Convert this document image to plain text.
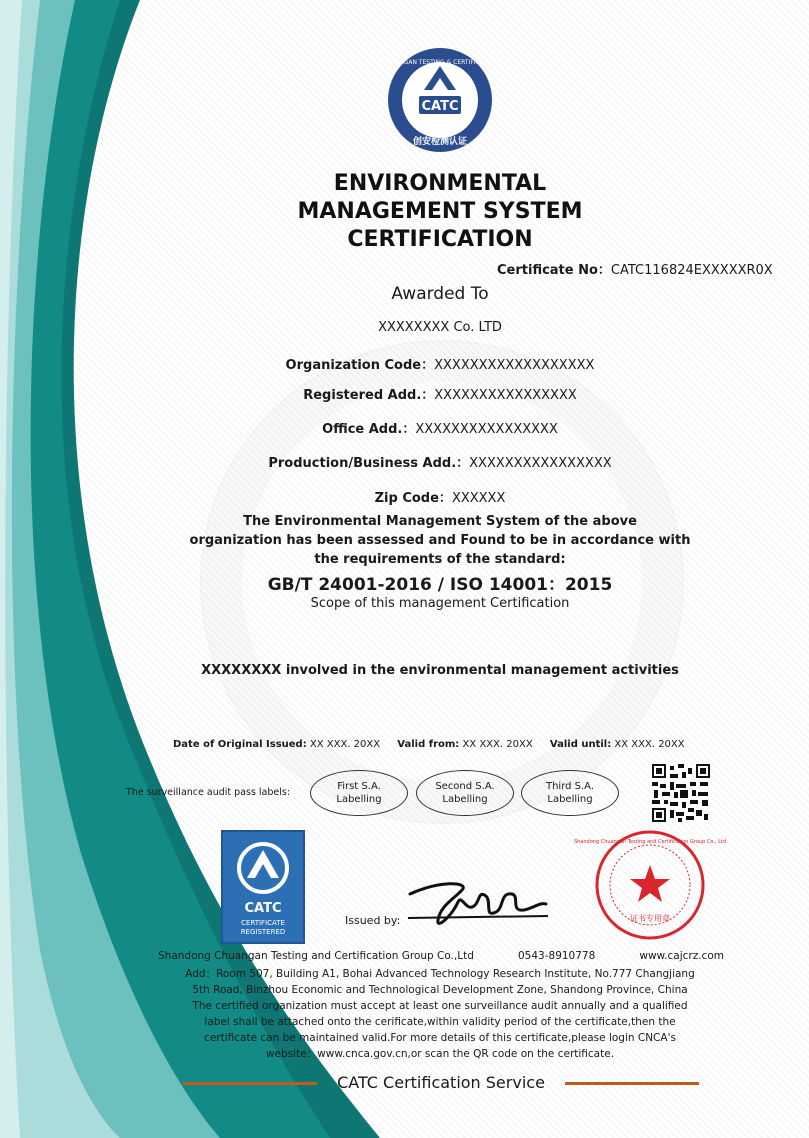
CATC
CHUANGAN TESTING & CERTIFICATION
创安检测认证
ENVIRONMENTAL
MANAGEMENT SYSTEM
CERTIFICATION
Certificate No：CATC116824EXXXXXR0X
Awarded To
XXXXXXXX Co. LTD
Organization Code：XXXXXXXXXXXXXXXXXX
Registered Add.：XXXXXXXXXXXXXXXX
Office Add.：XXXXXXXXXXXXXXXX
Production/Business Add.：XXXXXXXXXXXXXXXX
Zip Code：XXXXXX
The Environmental Management System of the above
organization has been assessed and Found to be in accordance with
the requirements of the standard:
GB/T 24001-2016 / ISO 14001：2015
Scope of this management Certification
XXXXXXXX involved in the environmental management activities
Date of Original Issued: XX XXX. 20XX Valid from: XX XXX. 20XX Valid until: XX XXX. 20XX
The surveillance audit pass labels:
First S.A.
Labelling
Second S.A.
Labelling
Third S.A.
Labelling
CATC
CERTIFICATE
REGISTERED
Issued by:
Shandong Chuangan Testing and Certification Group Co., Ltd
证书专用章
Shandong Chuangan Testing and Certification Group Co.,Ltd	0543-8910778	www.cajcrz.com
Add：Room 507, Building A1, Bohai Advanced Technology Research Institute, No.777 Changjiang
5th Road, Binzhou Economic and Technological Development Zone, Shandong Province, China
The certified organization must accept at least one surveillance audit annually and a qualified
label shall be attached onto the cerificate,within validity period of the certificate,then the
certificate can be maintained valid.For more details of this certificate,please login CNCA's
website：www.cnca.gov.cn,or scan the QR code on the certificate.
CATC Certification Service
